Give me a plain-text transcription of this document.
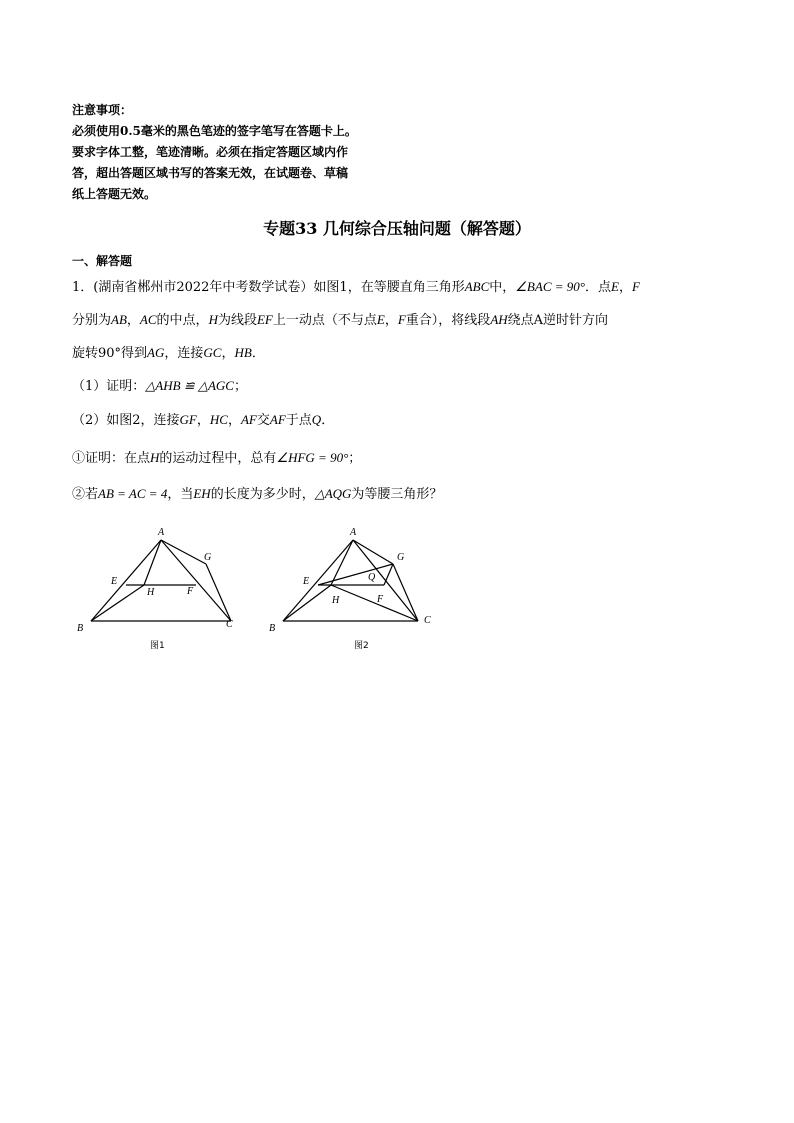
注意事项：
必须使用0.5毫米的黑色笔迹的签字笔写在答题卡上。
要求字体工整，笔迹清晰。必须在指定答题区域内作
答，超出答题区域书写的答案无效，在试题卷、草稿
纸上答题无效。
专题33 几何综合压轴问题（解答题）
一、解答题
1．(湖南省郴州市2022年中考数学试卷）如图1，在等腰直角三角形ABC中，∠BAC = 90°．点E，F
分别为AB，AC的中点，H为线段EF上一动点（不与点E，F重合），将线段AH绕点A逆时针方向
旋转90°得到AG，连接GC，HB．
（1）证明：△AHB ≌ △AGC；
（2）如图2，连接GF，HC，AF交AF于点Q．
①证明：在点H的运动过程中，总有∠HFG = 90°；
②若AB = AC = 4，当EH的长度为多少时，△AQG为等腰三角形？
A
B	C
E
F
G
H
图1
A
B
C
E
F
G
H
Q
图2
